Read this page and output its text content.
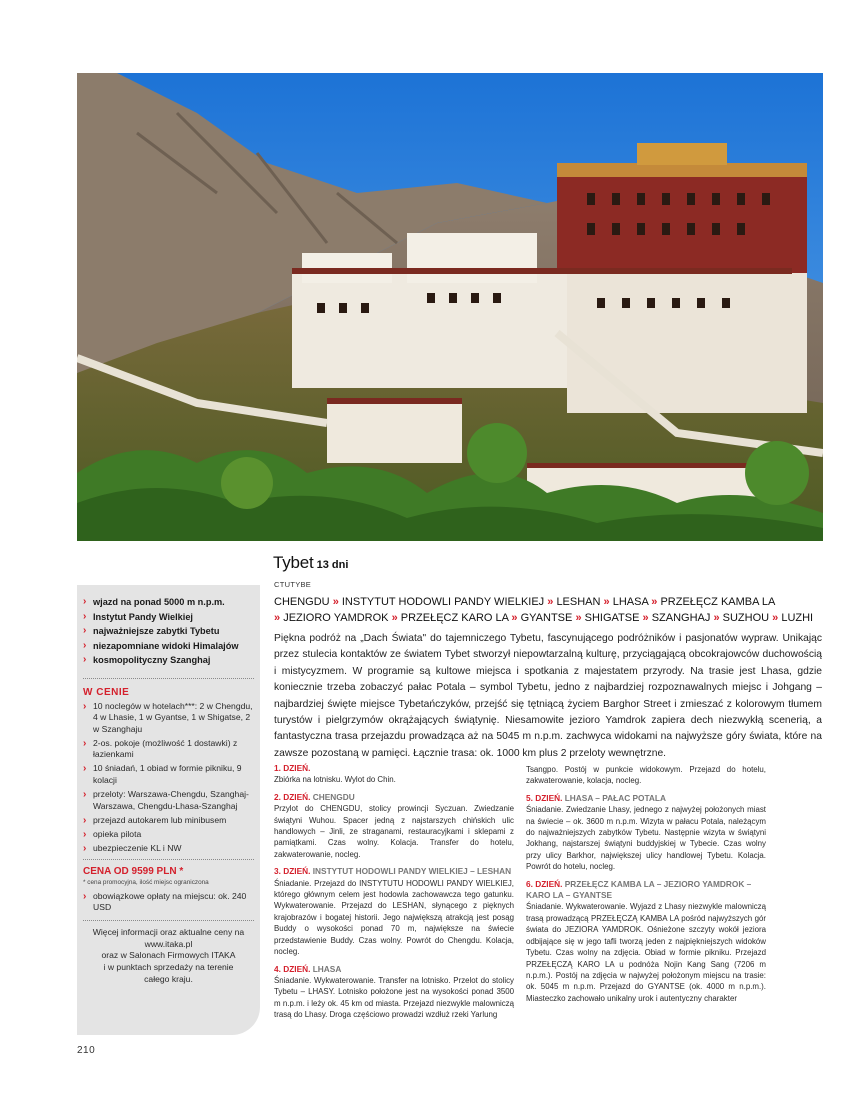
› wjazd na ponad 5000 m n.p.m.
› Instytut Pandy Wielkiej
› najważniejsze zabytki Tybetu
› niezapomniane widoki Himalajów
› kosmopolityczny Szanghaj
W CENIE
› 10 noclegów w hotelach***: 2 w Chengdu, 4 w Lhasie, 1 w Gyantse, 1 w Shigatse, 2 w Szanghaju
› 2-os. pokoje (możliwość 1 dostawki) z łazienkami
› 10 śniadań, 1 obiad w formie pikniku, 9 kolacji
› przeloty: Warszawa-Chengdu, Szanghaj-Warszawa, Chengdu-Lhasa-Szanghaj
› przejazd autokarem lub minibusem
› opieka pilota
› ubezpieczenie KL i NW
CENA OD 9599 PLN *
* cena promocyjna, ilość miejsc ograniczona
› obowiązkowe opłaty na miejscu: ok. 240 USD
Więcej informacji oraz aktualne ceny na
www.itaka.pl
oraz w Salonach Firmowych ITAKA
i w punktach sprzedaży na terenie
całego kraju.
210
Tybet 13 dni
CTUTYBE
CHENGDU » INSTYTUT HODOWLI PANDY WIELKIEJ » LESHAN » LHASA » PRZEŁĘCZ KAMBA LA
» JEZIORO YAMDROK » PRZEŁĘCZ KARO LA » GYANTSE » SHIGATSE » SZANGHAJ » SUZHOU » LUZHI

Piękna podróż na „Dach Świata" do tajemniczego Tybetu, fascynującego podróżników i pasjonatów wypraw. Unikając przez stulecia kontaktów ze światem Tybet stworzył niepowtarzalną kulturę, przyciągającą obcokrajowców duchowością i mistycyzmem. W programie są kultowe miejsca i spotkania z majestatem przyrody. Na trasie jest Lhasa, gdzie koniecznie trzeba zobaczyć pałac Potala – symbol Tybetu, jedno z najbardziej rozpoznawalnych miejsc i Johgang – najbardziej święte miejsce Tybetańczyków, przejść się tętniącą życiem Barghor Street i zmieszać z kolorowym tłumem turystów i pielgrzymów okrążających świątynię. Niesamowite jezioro Yamdrok zapiera dech niezwykłą scenerią, a fantastyczna trasa przejazdu prowadząca aż na 5045 m n.p.m. zachwyca widokami na najwyższe góry świata, które na zawsze pozostaną w pamięci. Łącznie trasa: ok. 1000 km plus 2 przeloty wewnętrzne.

1. DZIEŃ.
Zbiórka na lotnisku. Wylot do Chin.
2. DZIEŃ. CHENGDU
Przylot do CHENGDU, stolicy prowincji Syczuan. Zwiedzanie świątyni Wuhou. Spacer jedną z najstarszych chińskich ulic handlowych – Jinli, ze straganami, restauracyjkami i sklepami z pamiątkami. Czas wolny. Kolacja. Transfer do hotelu, zakwaterowanie, nocleg.
3. DZIEŃ. INSTYTUT HODOWLI PANDY WIELKIEJ – LESHAN
Śniadanie. Przejazd do INSTYTUTU HODOWLI PANDY WIELKIEJ, którego głównym celem jest hodowla zachowawcza tego gatunku. Wykwaterowanie. Przejazd do LESHAN, słynącego z pięknych krajobrazów i bogatej historii. Jego największą atrakcją jest posąg Buddy o wysokości ponad 70 m, największe na świecie przedstawienie Buddy. Czas wolny. Powrót do Chengdu. Kolacja, nocleg.
4. DZIEŃ. LHASA
Śniadanie. Wykwaterowanie. Transfer na lotnisko. Przelot do stolicy Tybetu – LHASY. Lotnisko położone jest na wysokości ponad 3500 m n.p.m. i leży ok. 45 km od miasta. Przejazd niezwykle malowniczą trasą do Lhasy. Droga częściowo prowadzi wzdłuż rzeki Yarlung
Tsangpo. Postój w punkcie widokowym. Przejazd do hotelu, zakwaterowanie, kolacja, nocleg.
5. DZIEŃ. LHASA – PAŁAC POTALA
Śniadanie. Zwiedzanie Lhasy, jednego z najwyżej położonych miast na świecie – ok. 3600 m n.p.m. Wizyta w pałacu Potala, należącym do najważniejszych zabytków Tybetu. Następnie wizyta w świątyni Jokhang, najstarszej świątyni buddyjskiej w Tybecie. Czas wolny przy ulicy Barkhor, największej ulicy handlowej Tybetu. Kolacja. Powrót do hotelu, nocleg.
6. DZIEŃ. PRZEŁĘCZ KAMBA LA – JEZIORO YAMDROK – KARO LA – GYANTSE
Śniadanie. Wykwaterowanie. Wyjazd z Lhasy niezwykle malowniczą trasą prowadzącą PRZEŁĘCZĄ KAMBA LA pośród najwyższych gór świata do JEZIORA YAMDROK. Ośnieżone szczyty wokół jeziora odbijające się w jego tafli tworzą jeden z najpiękniejszych widoków Tybetu. Czas wolny na zdjęcia. Obiad w formie pikniku. Przejazd PRZEŁĘCZĄ KARO LA u podnóża Nojin Kang Sang (7206 m n.p.m.). Postój na zdjęcia w najwyżej położonym miejscu na trasie: ok. 5045 m n.p.m. Przejazd do GYANTSE (ok. 4000 m n.p.m.). Miasteczko zachowało unikalny urok i autentyczny charakter
